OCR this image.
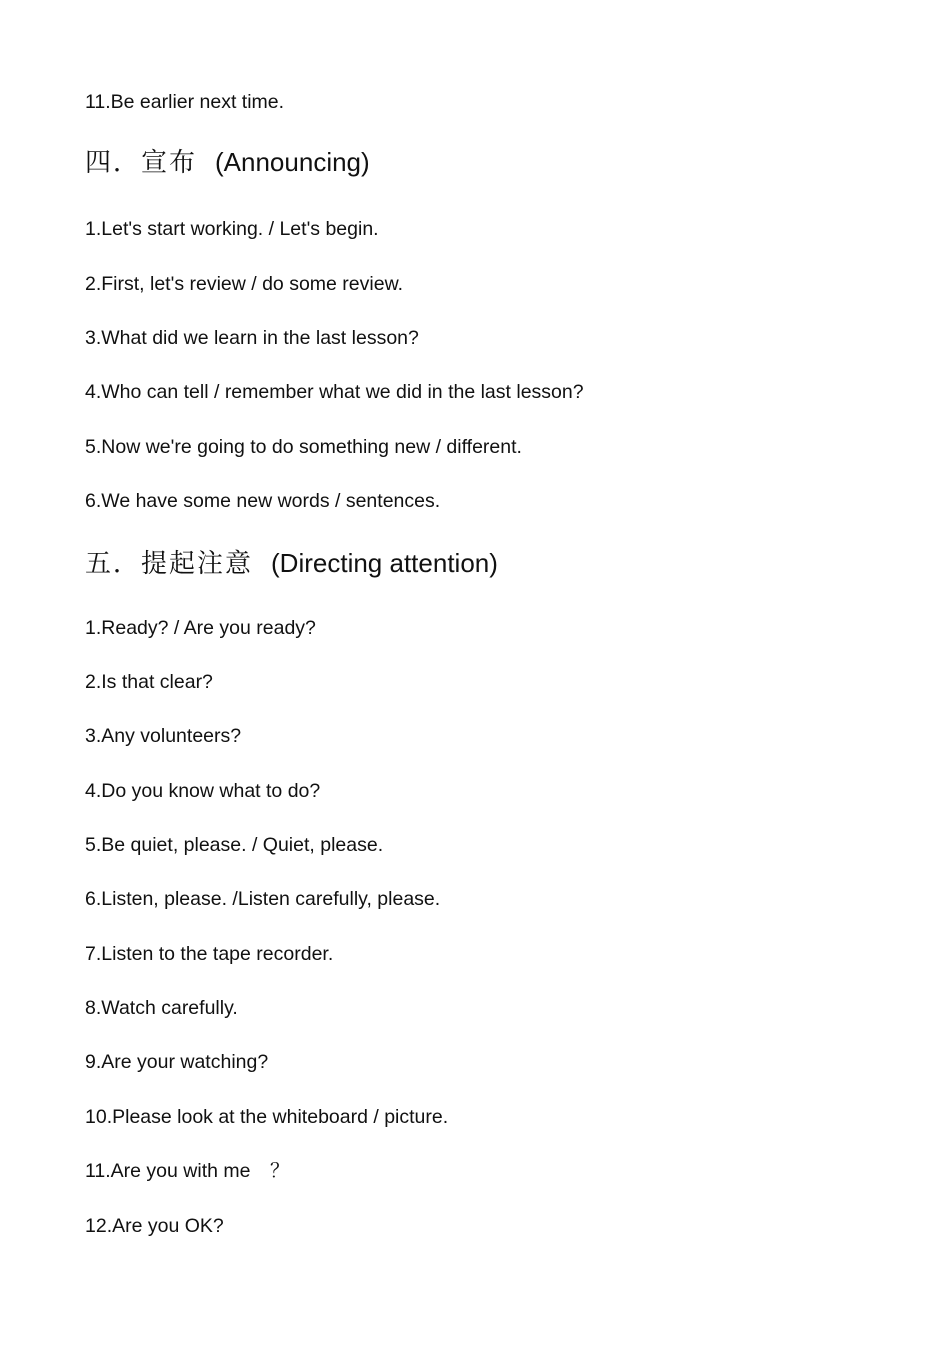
11.Be earlier next time.

四．宣布 (Announcing)

1.Let's start working. / Let's begin.

2.First, let's review / do some review.

3.What did we learn in the last lesson?

4.Who can tell / remember what we did in the last lesson?

5.Now we're going to do something new / different.

6.We have some new words / sentences.

五．提起注意 (Directing attention)

1.Ready? / Are you ready?

2.Is that clear?

3.Any volunteers?

4.Do you know what to do?

5.Be quiet, please. / Quiet, please.

6.Listen, please. /Listen carefully, please.

7.Listen to the tape recorder.

8.Watch carefully.

9.Are your watching?

10.Please look at the whiteboard / picture.

11.Are you with me　？

12.Are you OK?
